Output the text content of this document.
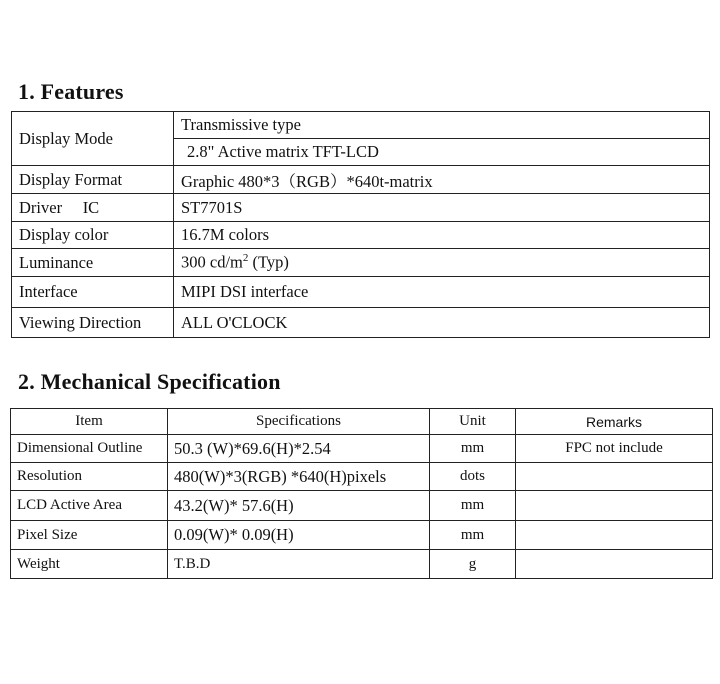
1. Features
Display Mode	Transmissive type
	2.8" Active matrix TFT-LCD
Display Format	Graphic 480*3（RGB）*640t-matrix
Driver     IC	ST7701S
Display color	16.7M colors
Luminance	300 $cd/m^2$ (Typ)
Interface	MIPI DSI interface
Viewing Direction	ALL O'CLOCK
2. Mechanical Specification
Item	Specifications	Unit	Remarks
Dimensional Outline	50.3 (W)*69.6(H)*2.54	mm	FPC not include
Resolution	480(W)*3(RGB) *640(H)pixels	dots	
LCD Active Area	43.2(W)* 57.6(H)	mm	
Pixel Size	0.09(W)* 0.09(H)	mm	
Weight	T.B.D	g	
